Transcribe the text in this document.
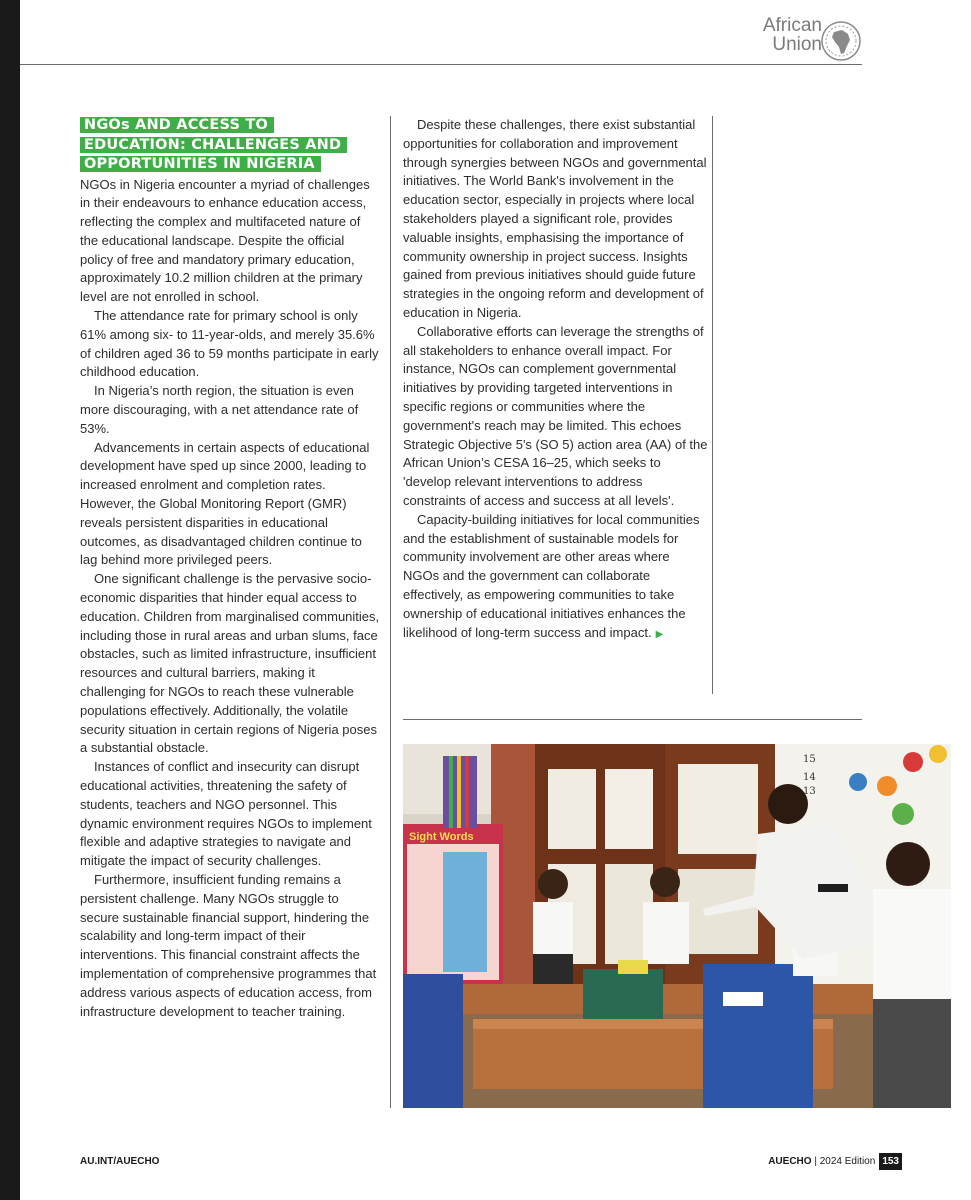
African
Union
NGOs AND ACCESS TO
EDUCATION: CHALLENGES AND
OPPORTUNITIES IN NIGERIA

NGOs in Nigeria encounter a myriad of challenges in their endeavours to enhance education access, reflecting the complex and multifaceted nature of the educational landscape. Despite the official policy of free and mandatory primary education, approximately 10.2 million children at the primary level are not enrolled in school.

The attendance rate for primary school is only 61% among six- to 11-year-olds, and merely 35.6% of children aged 36 to 59 months participate in early childhood education.

In Nigeria’s north region, the situation is even more discouraging, with a net attendance rate of 53%.

Advancements in certain aspects of educational development have sped up since 2000, leading to increased enrolment and completion rates. However, the Global Monitoring Report (GMR) reveals persistent disparities in educational outcomes, as disadvantaged children continue to lag behind more privileged peers.

One significant challenge is the pervasive socio-economic disparities that hinder equal access to education. Children from marginalised communities, including those in rural areas and urban slums, face obstacles, such as limited infrastructure, insufficient resources and cultural barriers, making it challenging for NGOs to reach these vulnerable populations effectively. Additionally, the volatile security situation in certain regions of Nigeria poses a substantial obstacle.

Instances of conflict and insecurity can disrupt educational activities, threatening the safety of students, teachers and NGO personnel. This dynamic environment requires NGOs to implement flexible and adaptive strategies to navigate and mitigate the impact of security challenges.

Furthermore, insufficient funding remains a persistent challenge. Many NGOs struggle to secure sustainable financial support, hindering the scalability and long-term impact of their interventions. This financial constraint affects the implementation of comprehensive programmes that address various aspects of education access, from infrastructure development to teacher training.

Despite these challenges, there exist substantial opportunities for collaboration and improvement through synergies between NGOs and governmental initiatives. The World Bank's involvement in the education sector, especially in projects where local stakeholders played a significant role, provides valuable insights, emphasising the importance of community ownership in project success. Insights gained from previous initiatives should guide future strategies in the ongoing reform and development of education in Nigeria.

Collaborative efforts can leverage the strengths of all stakeholders to enhance overall impact. For instance, NGOs can complement governmental initiatives by providing targeted interventions in specific regions or communities where the government's reach may be limited. This echoes Strategic Objective 5's (SO 5) action area (AA) of the African Union’s CESA 16–25, which seeks to 'develop relevant interventions to address constraints of access and success at all levels'.

Capacity-building initiatives for local communities and the establishment of sustainable models for community involvement are other areas where NGOs and the government can collaborate effectively, as empowering communities to take ownership of educational initiatives enhances the likelihood of long-term success and impact. ▶

15
14
13
Sight Words
AU.INT/AUECHO	AUECHO | 2024 Edition 153
